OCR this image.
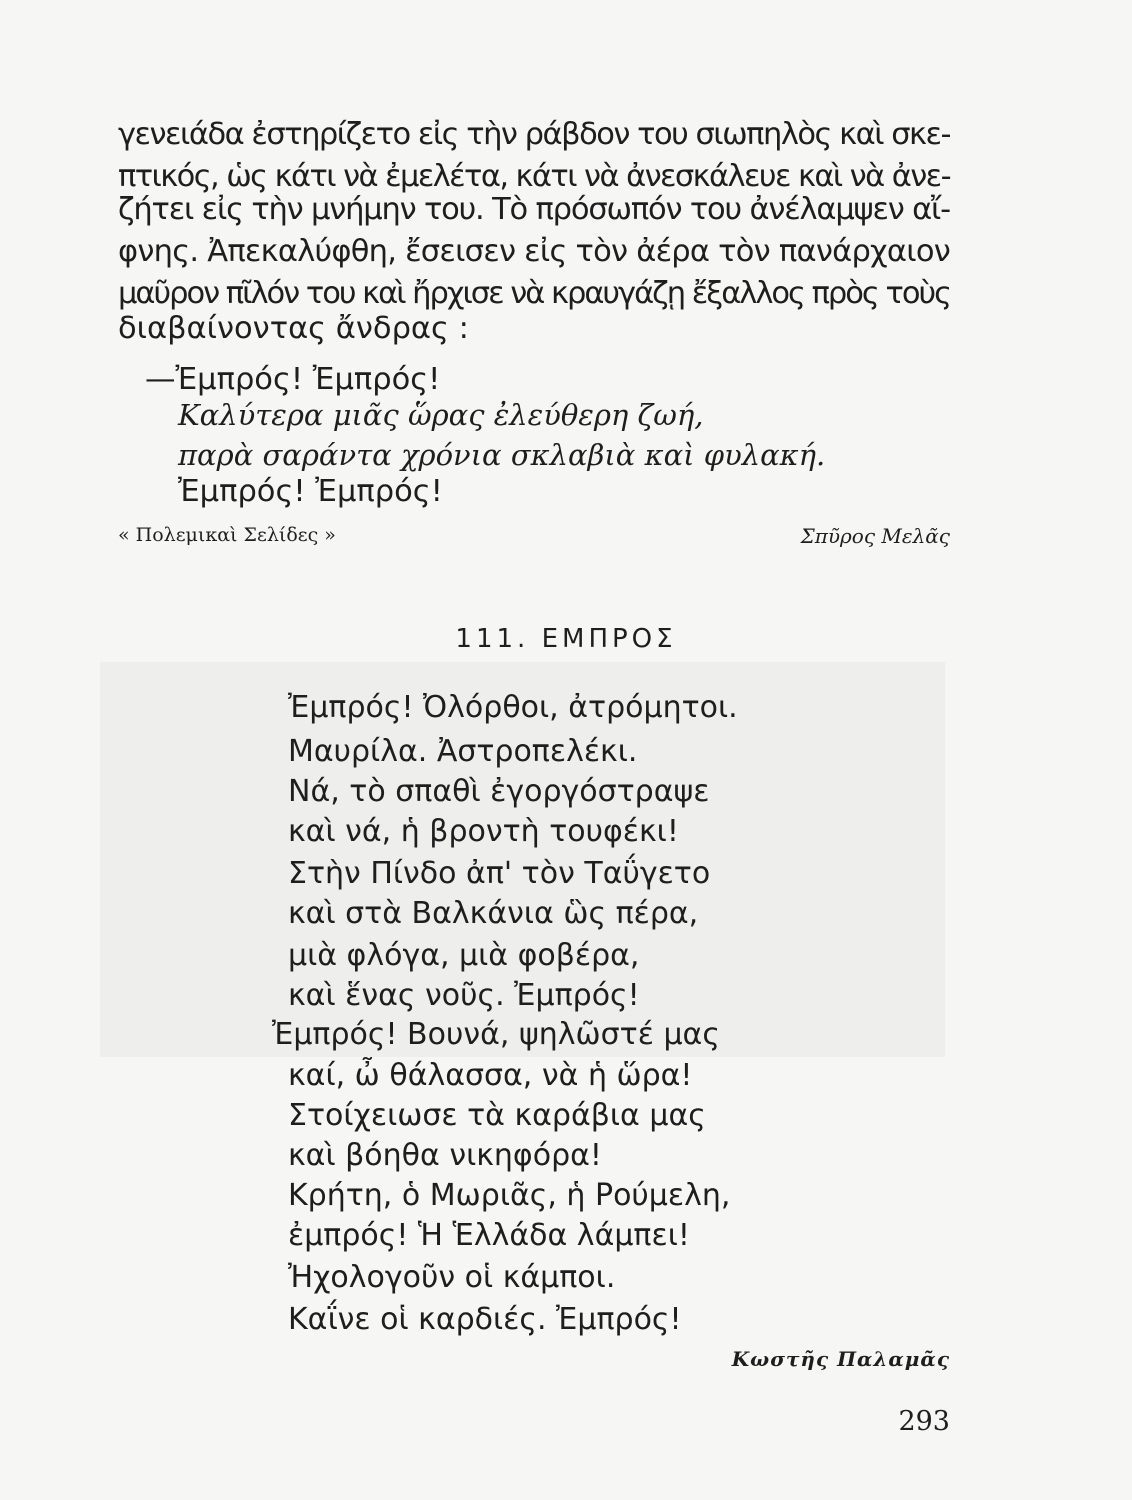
γενειάδα ἐστηρίζετο εἰς τὴν ράβδον του σιωπηλὸς καὶ σκε-
πτικός, ὡς κάτι νὰ ἐμελέτα, κάτι νὰ ἀνεσκάλευε καὶ νὰ ἀνε-
ζήτει εἰς τὴν μνήμην του. Τὸ πρόσωπόν του ἀνέλαμψεν αἴ-
φνης. Ἀπεκαλύφθη, ἔσεισεν εἰς τὸν ἀέρα τὸν πανάρχαιον
μαῦρον πῖλόν του καὶ ἤρχισε νὰ κραυγάζῃ ἔξαλλος πρὸς τοὺς
διαβαίνοντας ἄνδρας :
—Ἐμπρός! Ἐμπρός!
Καλύτερα μιᾶς ὥρας ἐλεύθερη ζωή,
παρὰ σαράντα χρόνια σκλαβιὰ καὶ φυλακή.
Ἐμπρός! Ἐμπρός!
« Πολεμικαὶ Σελίδες »	Σπῦρος Μελᾶς
111. ΕΜΠΡΟΣ
Ἐμπρός! Ὀλόρθοι, ἀτρόμητοι.
Μαυρίλα. Ἀστροπελέκι.
Νά, τὸ σπαθὶ ἐγοργόστραψε
καὶ νά, ἡ βροντὴ τουφέκι!
Στὴν Πίνδο ἀπ' τὸν Ταΰγετο
καὶ στὰ Βαλκάνια ὣς πέρα,
μιὰ φλόγα, μιὰ φοβέρα,
καὶ ἕνας νοῦς. Ἐμπρός!
Ἐμπρός! Βουνά, ψηλῶστέ μας
καί, ὦ θάλασσα, νὰ ἡ ὥρα!
Στοίχειωσε τὰ καράβια μας
καὶ βόηθα νικηφόρα!
Κρήτη, ὁ Μωριᾶς, ἡ Ρούμελη,
ἐμπρός! Ἡ Ἑλλάδα λάμπει!
Ἠχολογοῦν οἱ κάμποι.
Καΐνε οἱ καρδιές. Ἐμπρός!
Κωστῆς Παλαμᾶς
293
